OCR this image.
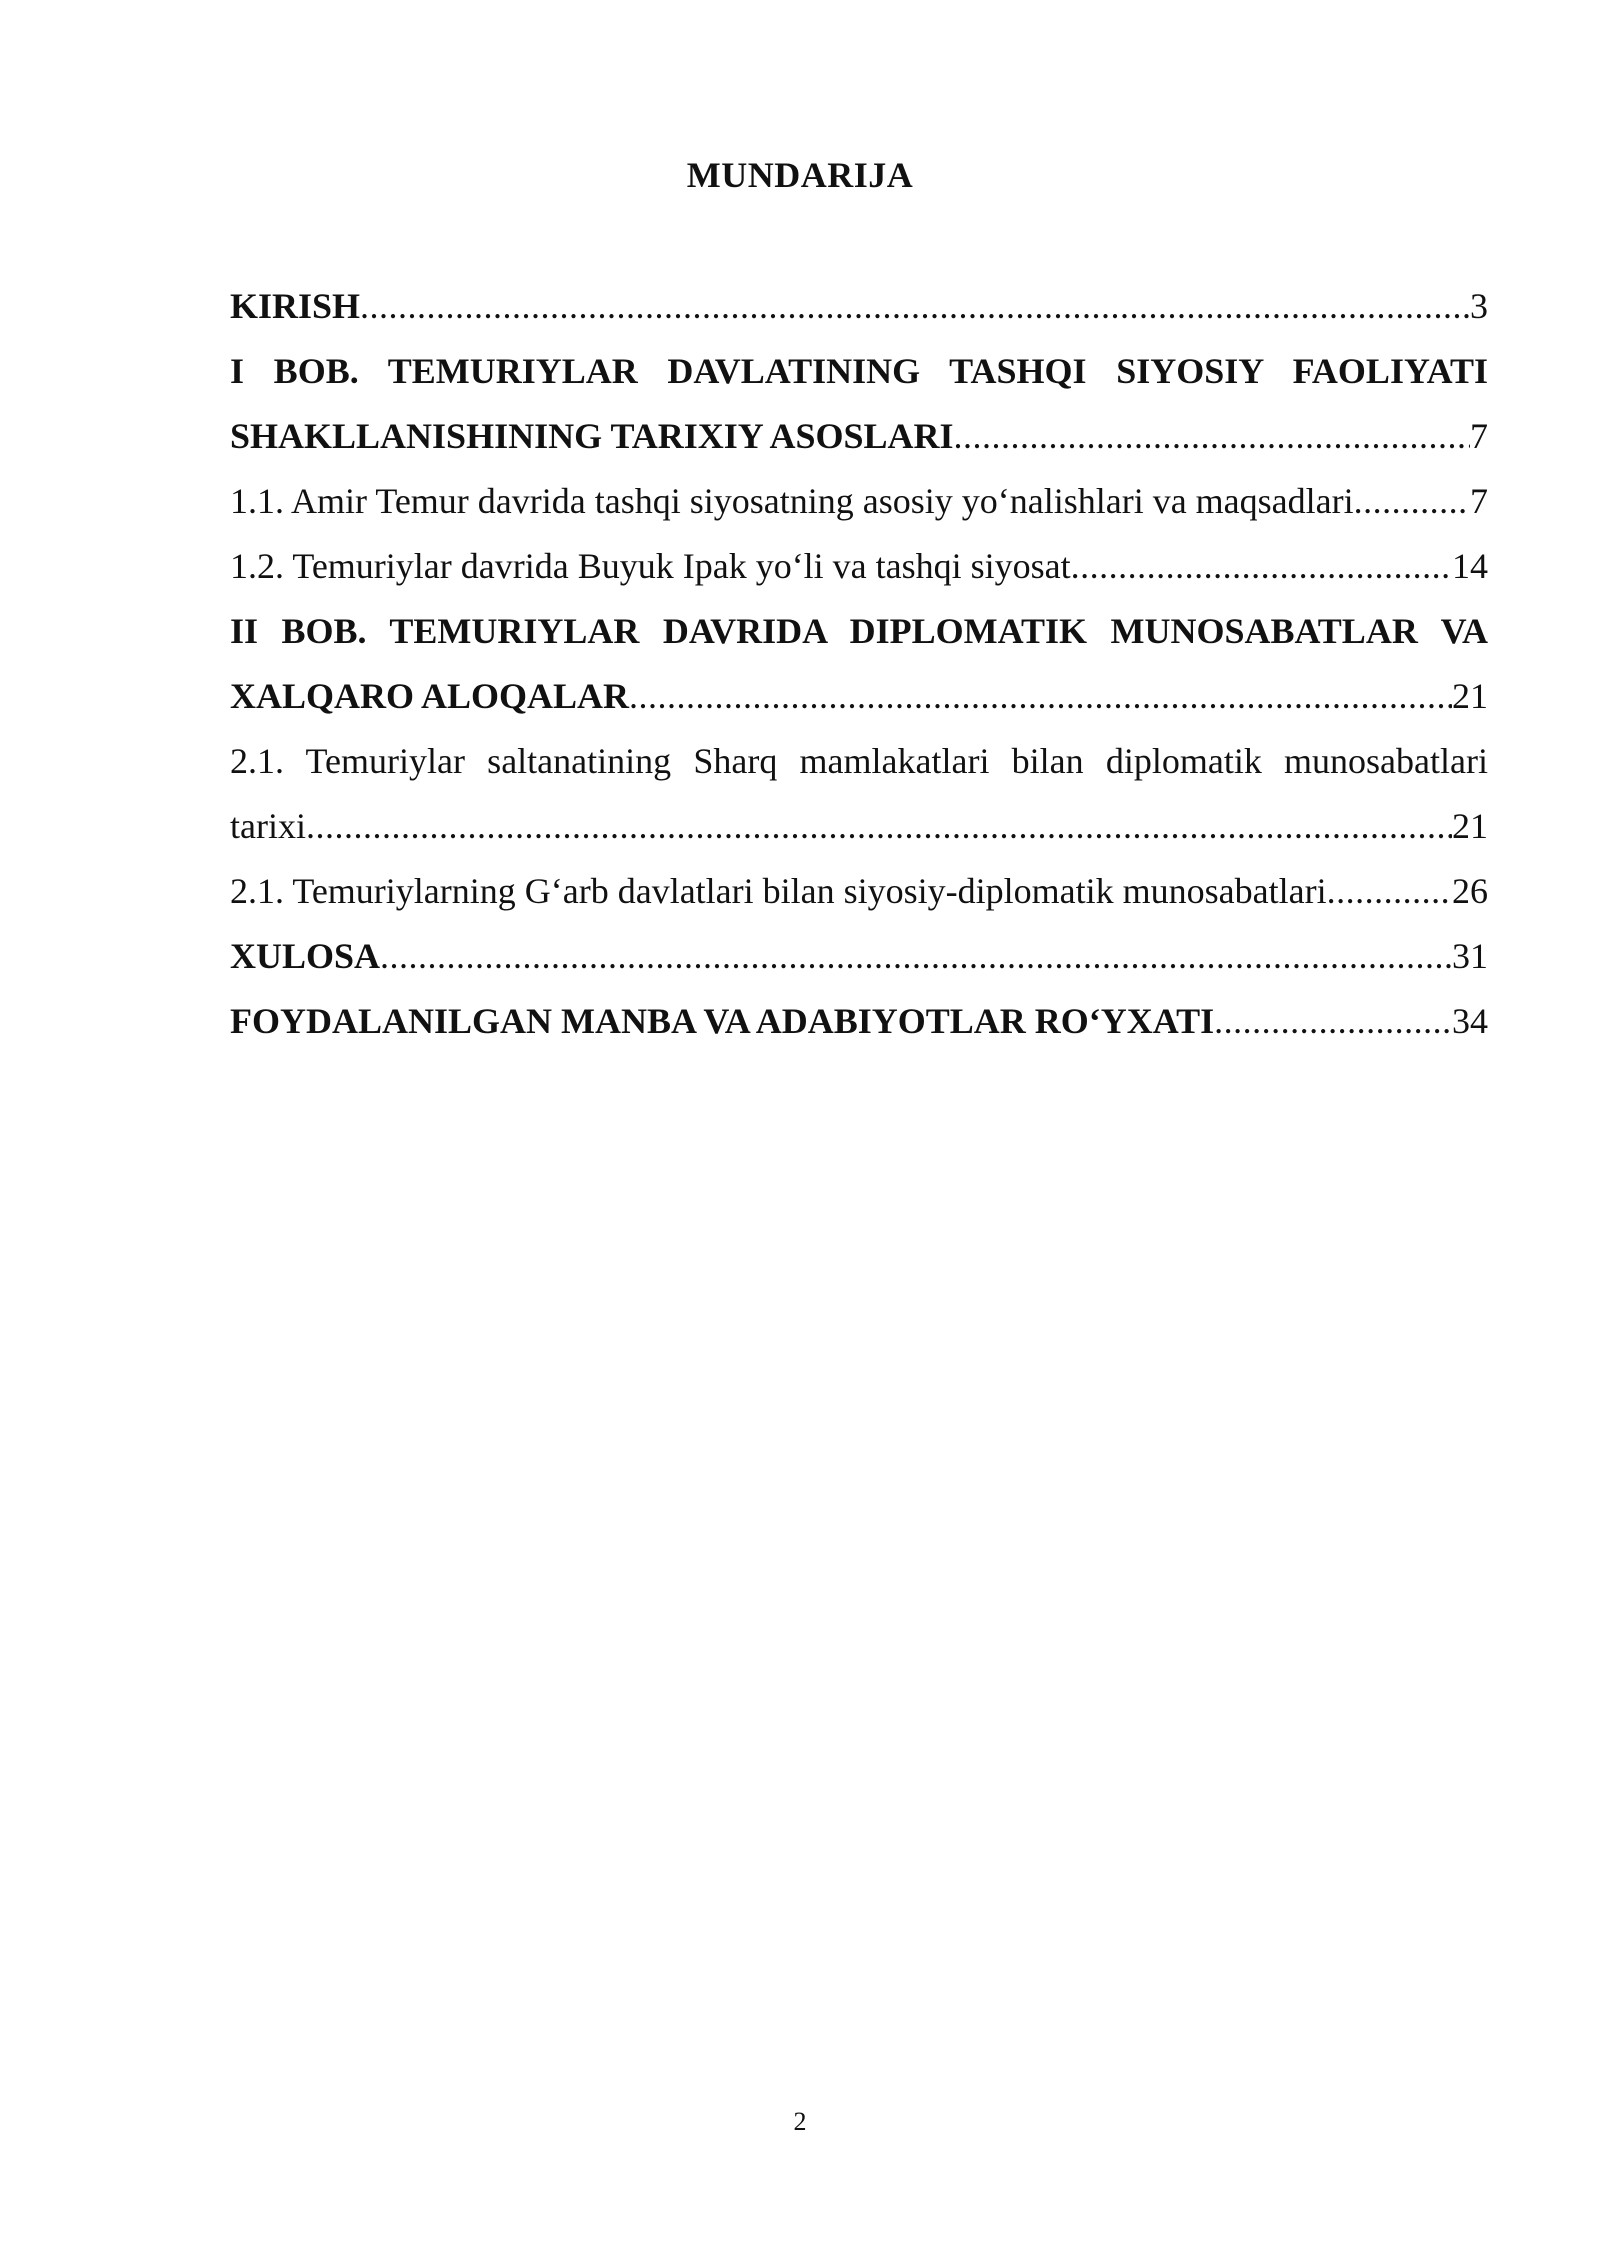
MUNDARIJA
KIRISH .....	3
I BOB. TEMURIYLAR DAVLATINING TASHQI SIYOSIY FAOLIYATI
SHAKLLANISHINING TARIXIY ASOSLARI .....	7
1.1. Amir Temur davrida tashqi siyosatning asosiy yo‘nalishlari va maqsadlari .....	7
1.2. Temuriylar davrida Buyuk Ipak yo‘li va tashqi siyosat .....	14
II BOB. TEMURIYLAR DAVRIDA DIPLOMATIK MUNOSABATLAR VA
XALQARO ALOQALAR .....	21
2.1. Temuriylar saltanatining Sharq mamlakatlari bilan diplomatik munosabatlari
tarixi .....	21
2.1. Temuriylarning G‘arb davlatlari bilan siyosiy-diplomatik munosabatlari .....	26
XULOSA .....	31
FOYDALANILGAN MANBA VA ADABIYOTLAR RO‘YXATI .....	34
2
